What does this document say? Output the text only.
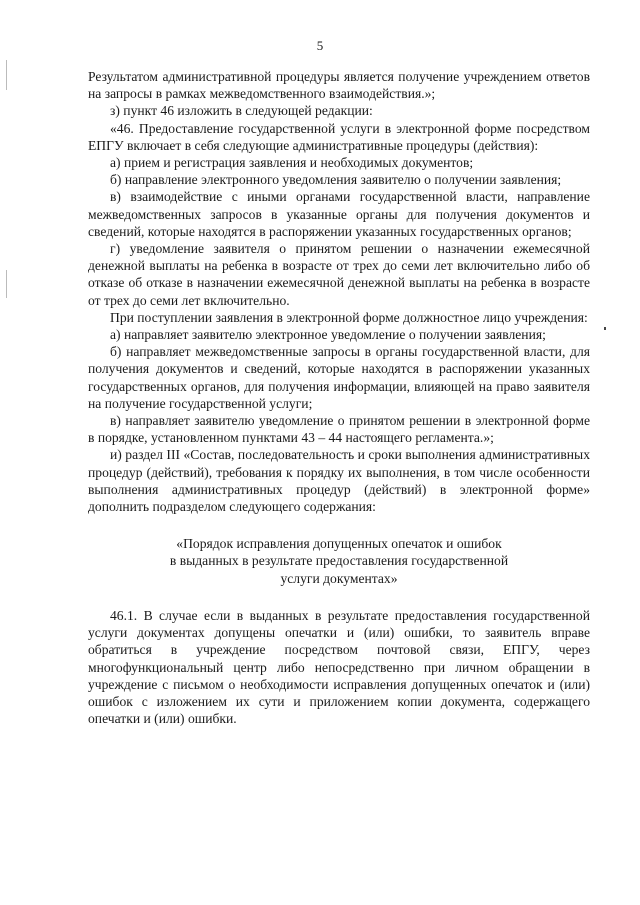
5

Результатом административной процедуры является получение учреждением ответов на запросы в рамках межведомственного взаимодействия.»;

з) пункт 46 изложить в следующей редакции:

«46. Предоставление государственной услуги в электронной форме посредством ЕПГУ включает в себя следующие административные процедуры (действия):

а) прием и регистрация заявления и необходимых документов;

б) направление электронного уведомления заявителю о получении заявления;

в) взаимодействие с иными органами государственной власти, направление межведомственных запросов в указанные органы для получения документов и сведений, которые находятся в распоряжении указанных государственных органов;

г) уведомление заявителя о принятом решении о назначении ежемесячной денежной выплаты на ребенка в возрасте от трех до семи лет включительно либо об отказе об отказе в назначении ежемесячной денежной выплаты на ребенка в возрасте от трех до семи лет включительно.

При поступлении заявления в электронной форме должностное лицо учреждения:

а) направляет заявителю электронное уведомление о получении заявления;

б) направляет межведомственные запросы в органы государственной власти, для получения документов и сведений, которые находятся в распоряжении указанных государственных органов, для получения информации, влияющей на право заявителя на получение государственной услуги;

в) направляет заявителю уведомление о принятом решении в электронной форме в порядке, установленном пунктами 43 – 44 настоящего регламента.»;

и) раздел III «Состав, последовательность и сроки выполнения административных процедур (действий), требования к порядку их выполнения, в том числе особенности выполнения административных процедур (действий) в электронной форме» дополнить подразделом следующего содержания:

«Порядок исправления допущенных опечаток и ошибок
в выданных в результате предоставления государственной
услуги документах»

46.1. В случае если в выданных в результате предоставления государственной услуги документах допущены опечатки и (или) ошибки, то заявитель вправе обратиться в учреждение посредством почтовой связи, ЕПГУ, через многофункциональный центр либо непосредственно при личном обращении в учреждение с письмом о необходимости исправления допущенных опечаток и (или) ошибок с изложением их сути и приложением копии документа, содержащего опечатки и (или) ошибки.
